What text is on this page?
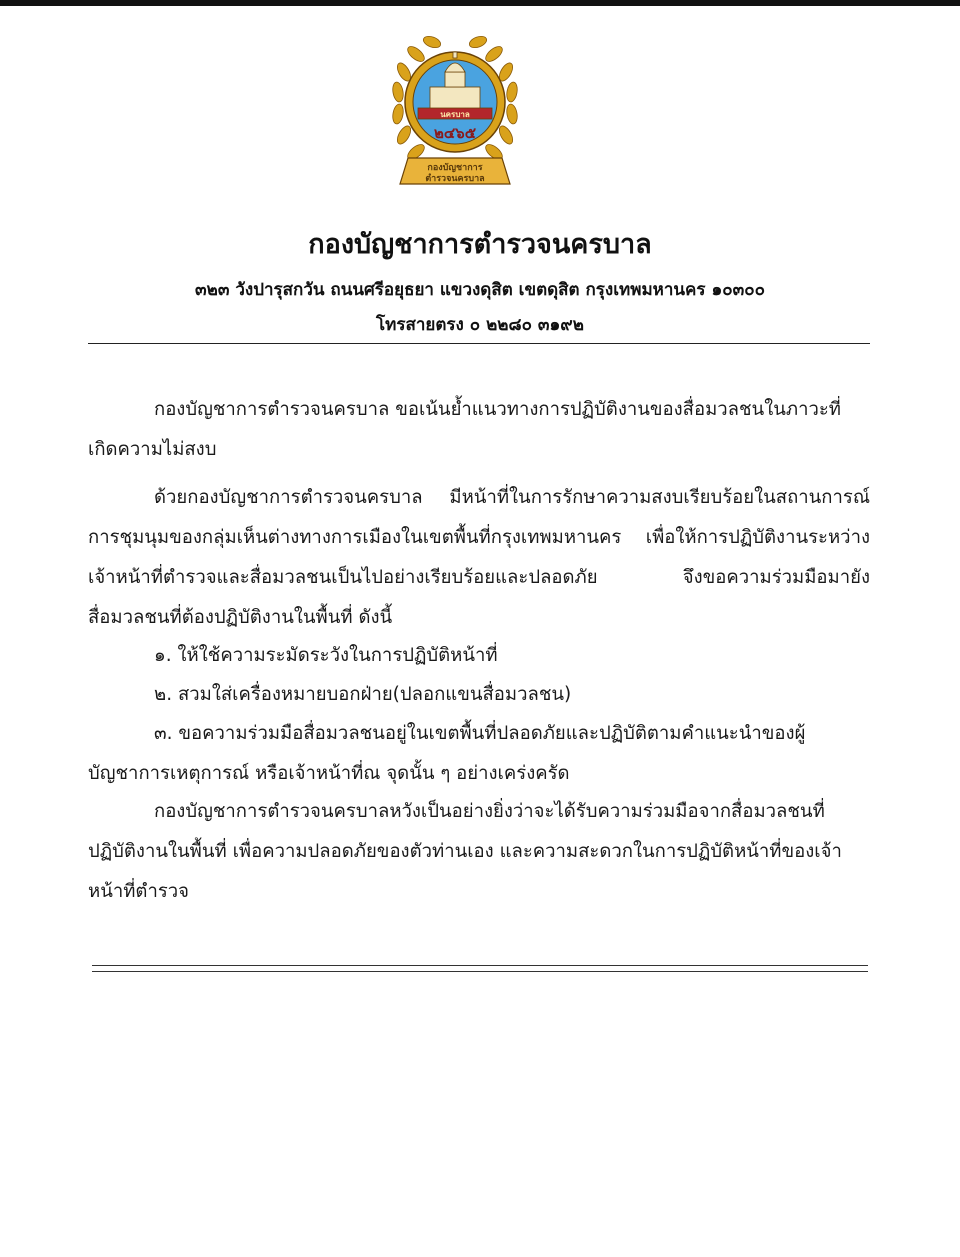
นครบาล
๒๔๖๕
กองบัญชาการ
ตำรวจนครบาล
กองบัญชาการตำรวจนครบาล
๓๒๓ วังปารุสกวัน ถนนศรีอยุธยา แขวงดุสิต เขตดุสิต กรุงเทพมหานคร ๑๐๓๐๐
โทรสายตรง ๐ ๒๒๘๐ ๓๑๙๒

กองบัญชาการตำรวจนครบาล ขอเน้นย้ำแนวทางการปฏิบัติงานของสื่อมวลชนในภาวะที่เกิดความไม่สงบ

ด้วยกองบัญชาการตำรวจนครบาล มีหน้าที่ในการรักษาความสงบเรียบร้อยในสถานการณ์การชุมนุมของกลุ่มเห็นต่างทางการเมืองในเขตพื้นที่กรุงเทพมหานคร เพื่อให้การปฏิบัติงานระหว่างเจ้าหน้าที่ตำรวจและสื่อมวลชนเป็นไปอย่างเรียบร้อยและปลอดภัย จึงขอความร่วมมือมายังสื่อมวลชนที่ต้องปฏิบัติงานในพื้นที่ ดังนี้

๑. ให้ใช้ความระมัดระวังในการปฏิบัติหน้าที่

๒. สวมใส่เครื่องหมายบอกฝ่าย(ปลอกแขนสื่อมวลชน)

๓. ขอความร่วมมือสื่อมวลชนอยู่ในเขตพื้นที่ปลอดภัยและปฏิบัติตามคำแนะนำของผู้บัญชาการเหตุการณ์ หรือเจ้าหน้าที่ณ จุดนั้น ๆ อย่างเคร่งครัด

กองบัญชาการตำรวจนครบาลหวังเป็นอย่างยิ่งว่าจะได้รับความร่วมมือจากสื่อมวลชนที่ปฏิบัติงานในพื้นที่ เพื่อความปลอดภัยของตัวท่านเอง และความสะดวกในการปฏิบัติหน้าที่ของเจ้าหน้าที่ตำรวจ
